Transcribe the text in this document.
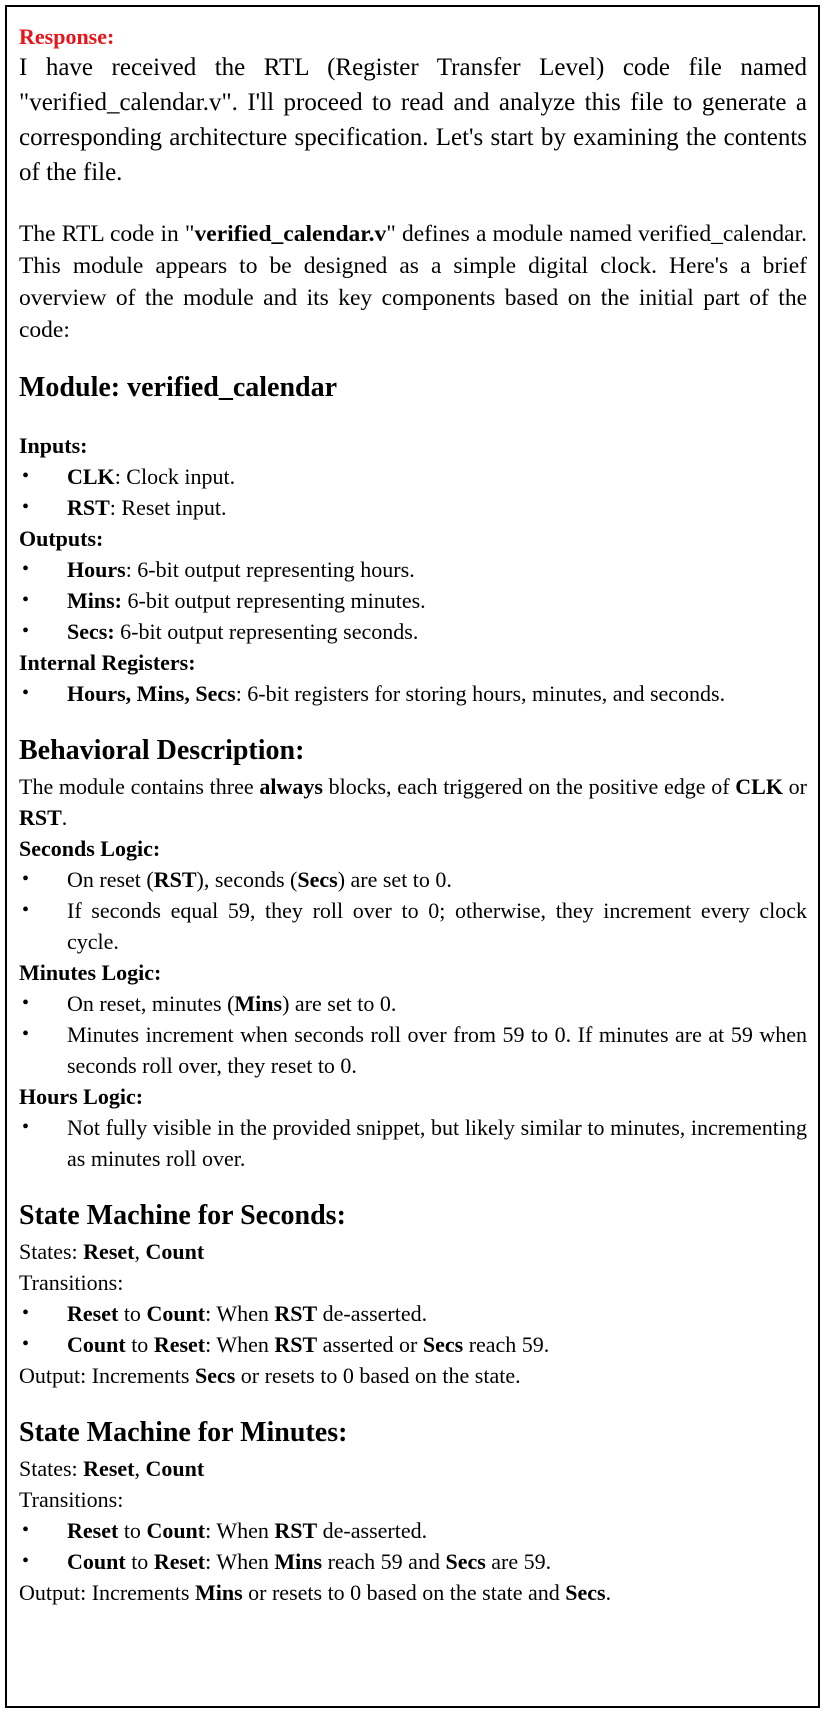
Response:

I have received the RTL (Register Transfer Level) code file named "verified_calendar.v". I'll proceed to read and analyze this file to generate a corresponding architecture specification. Let's start by examining the contents of the file.

The RTL code in "verified_calendar.v" defines a module named verified_calendar. This module appears to be designed as a simple digital clock. Here's a brief overview of the module and its key components based on the initial part of the code:

Module: verified_calendar

Inputs:

• CLK: Clock input.
• RST: Reset input.

Outputs:

• Hours: 6-bit output representing hours.
• Mins: 6-bit output representing minutes.
• Secs: 6-bit output representing seconds.

Internal Registers:

• Hours, Mins, Secs: 6-bit registers for storing hours, minutes, and seconds.
Behavioral Description:

The module contains three always blocks, each triggered on the positive edge of CLK or RST.

Seconds Logic:

• On reset (RST), seconds (Secs) are set to 0.
• If seconds equal 59, they roll over to 0; otherwise, they increment every clock cycle.

Minutes Logic:

• On reset, minutes (Mins) are set to 0.
• Minutes increment when seconds roll over from 59 to 0. If minutes are at 59 when seconds roll over, they reset to 0.

Hours Logic:

• Not fully visible in the provided snippet, but likely similar to minutes, incrementing as minutes roll over.
State Machine for Seconds:

States: Reset, Count

Transitions:

• Reset to Count: When RST de-asserted.
• Count to Reset: When RST asserted or Secs reach 59.

Output: Increments Secs or resets to 0 based on the state.

State Machine for Minutes:

States: Reset, Count

Transitions:

• Reset to Count: When RST de-asserted.
• Count to Reset: When Mins reach 59 and Secs are 59.

Output: Increments Mins or resets to 0 based on the state and Secs.
